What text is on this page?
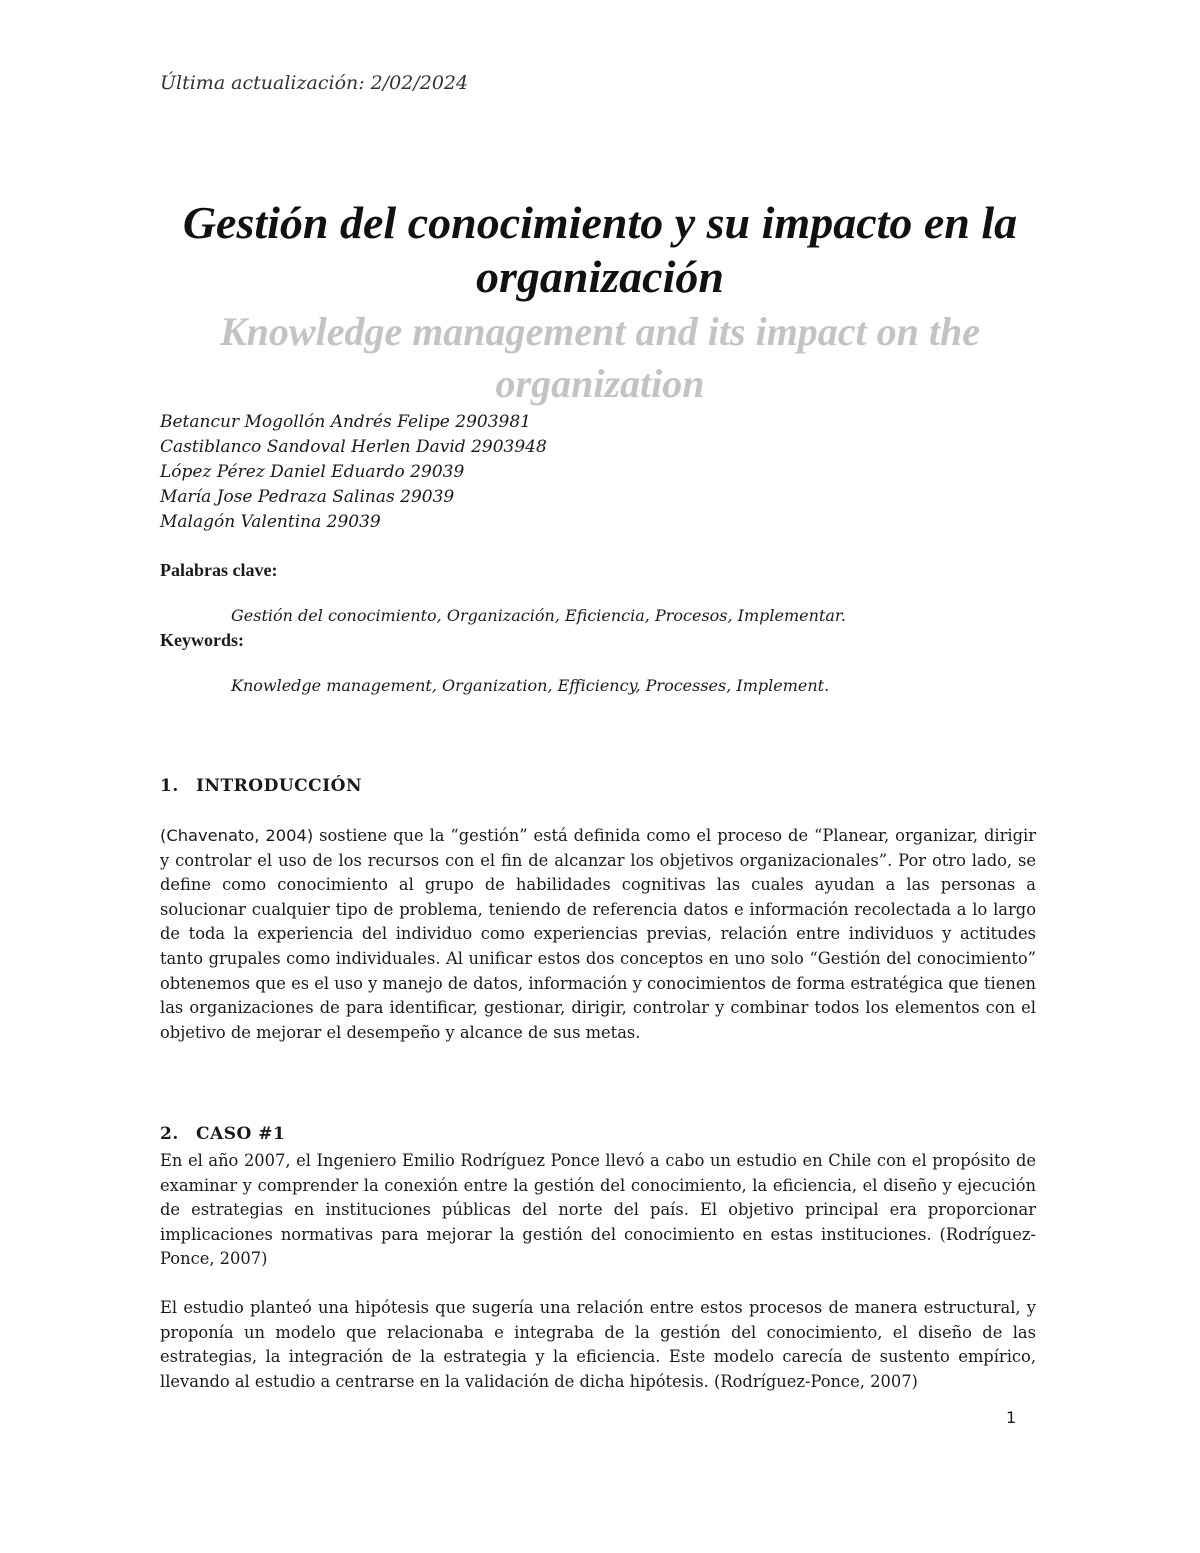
Última actualización: 2/02/2024
Gestión del conocimiento y su impacto en la organización
Knowledge management and its impact on the organization
Betancur Mogollón Andrés Felipe 2903981
Castiblanco Sandoval Herlen David 2903948
López Pérez Daniel Eduardo 29039
María Jose Pedraza Salinas 29039
Malagón Valentina 29039
Palabras clave:
Gestión del conocimiento, Organización, Eficiencia, Procesos, Implementar.
Keywords:
Knowledge management, Organization, Efficiency, Processes, Implement.
1. INTRODUCCIÓN
(Chavenato, 2004) sostiene que la “gestión” está definida como el proceso de “Planear, organizar, dirigir y controlar el uso de los recursos con el fin de alcanzar los objetivos organizacionales”. Por otro lado, se define como conocimiento al grupo de habilidades cognitivas las cuales ayudan a las personas a solucionar cualquier tipo de problema, teniendo de referencia datos e información recolectada a lo largo de toda la experiencia del individuo como experiencias previas, relación entre individuos y actitudes tanto grupales como individuales. Al unificar estos dos conceptos en uno solo “Gestión del conocimiento” obtenemos que es el uso y manejo de datos, información y conocimientos de forma estratégica que tienen las organizaciones de para identificar, gestionar, dirigir, controlar y combinar todos los elementos con el objetivo de mejorar el desempeño y alcance de sus metas.
2. CASO #1
En el año 2007, el Ingeniero Emilio Rodríguez Ponce llevó a cabo un estudio en Chile con el propósito de examinar y comprender la conexión entre la gestión del conocimiento, la eficiencia, el diseño y ejecución de estrategias en instituciones públicas del norte del país. El objetivo principal era proporcionar implicaciones normativas para mejorar la gestión del conocimiento en estas instituciones. (Rodríguez-Ponce, 2007)
El estudio planteó una hipótesis que sugería una relación entre estos procesos de manera estructural, y proponía un modelo que relacionaba e integraba de la gestión del conocimiento, el diseño de las estrategias, la integración de la estrategia y la eficiencia. Este modelo carecía de sustento empírico, llevando al estudio a centrarse en la validación de dicha hipótesis. (Rodríguez-Ponce, 2007)
1
